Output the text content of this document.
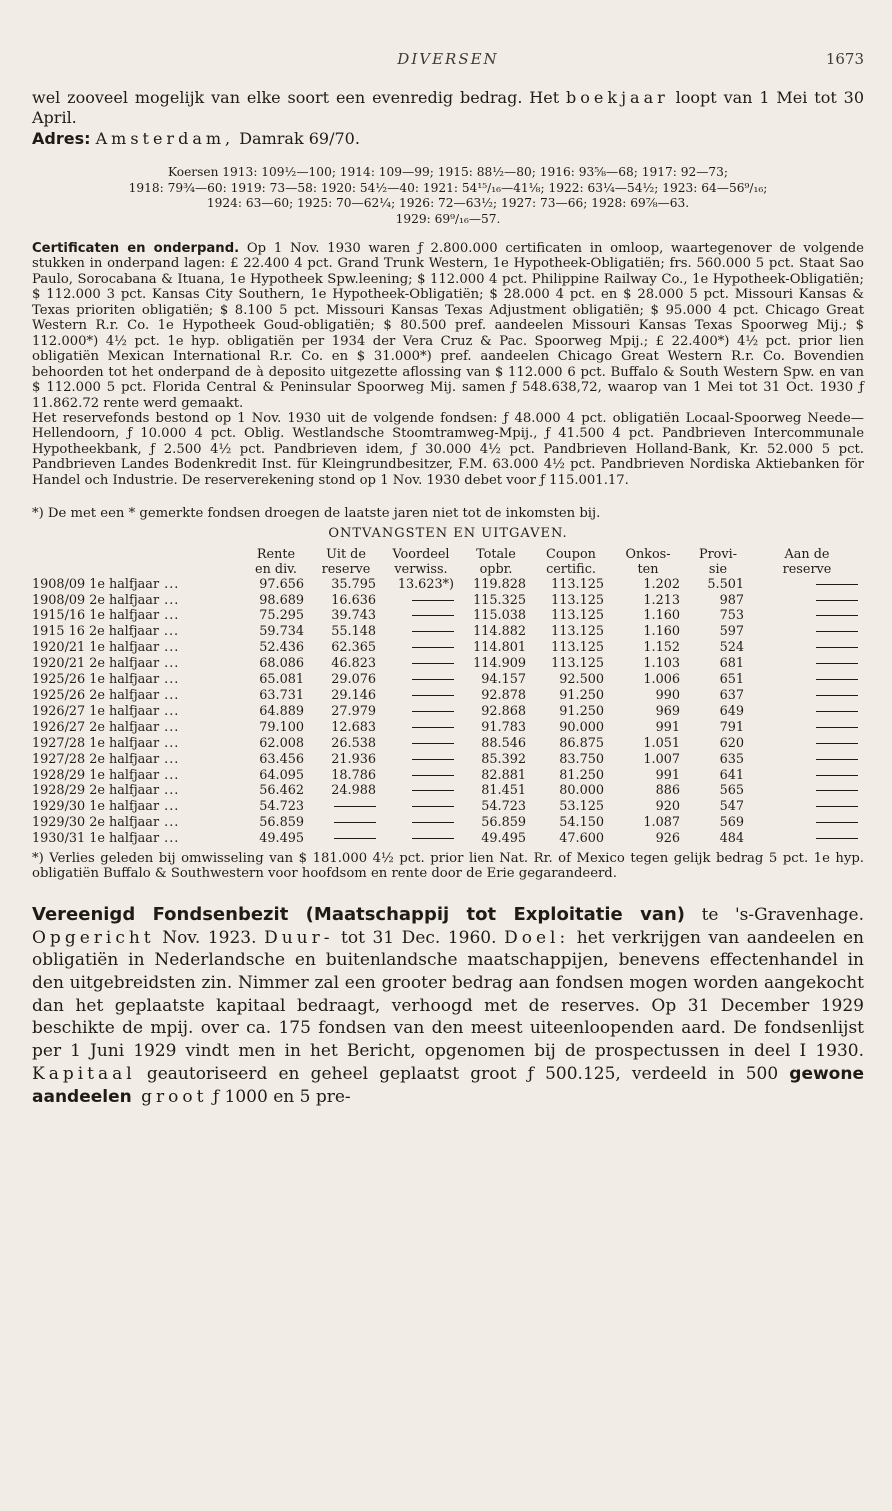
DIVERSEN	1673

wel zooveel mogelijk van elke soort een evenredig bedrag. Het boekjaar loopt van 1 Mei tot 30 April.

Adres: Amsterdam, Damrak 69/70.

Koersen 1913: 109½—100; 1914: 109—99; 1915: 88½—80; 1916: 93⅝—68; 1917: 92—73;
1918: 79¾—60: 1919: 73—58: 1920: 54½—40: 1921: 54¹⁵/₁₆—41⅛; 1922: 63¼—54½; 1923: 64—56⁹/₁₆;
1924: 63—60; 1925: 70—62¼; 1926: 72—63½; 1927: 73—66; 1928: 69⅞—63.
1929: 69⁹/₁₆—57.

Certificaten en onderpand. Op 1 Nov. 1930 waren ƒ 2.800.000 certificaten in omloop, waartegenover de volgende stukken in onderpand lagen: £ 22.400 4 pct. Grand Trunk Western, 1e Hypotheek-Obligatiën; frs. 560.000 5 pct. Staat Sao Paulo, Sorocabana & Ituana, 1e Hypotheek Spw.leening; $ 112.000 4 pct. Philippine Railway Co., 1e Hypotheek-Obligatiën; $ 112.000 3 pct. Kansas City Southern, 1e Hypotheek-Obligatiën; $ 28.000 4 pct. en $ 28.000 5 pct. Missouri Kansas & Texas prioriten obligatiën; $ 8.100 5 pct. Missouri Kansas Texas Adjustment obligatiën; $ 95.000 4 pct. Chicago Great Western R.r. Co. 1e Hypotheek Goud-obligatiën; $ 80.500 pref. aandeelen Missouri Kansas Texas Spoorweg Mij.; $ 112.000*) 4½ pct. 1e hyp. obligatiën per 1934 der Vera Cruz & Pac. Spoorweg Mpij.; £ 22.400*) 4½ pct. prior lien obligatiën Mexican International R.r. Co. en $ 31.000*) pref. aandeelen Chicago Great Western R.r. Co. Bovendien behoorden tot het onderpand de à deposito uitgezette aflossing van $ 112.000 6 pct. Buffalo & South Western Spw. en van $ 112.000 5 pct. Florida Central & Peninsular Spoorweg Mij. samen ƒ 548.638,72, waarop van 1 Mei tot 31 Oct. 1930 ƒ 11.862.72 rente werd gemaakt.

Het reservefonds bestond op 1 Nov. 1930 uit de volgende fondsen: ƒ 48.000 4 pct. obligatiën Locaal-Spoorweg Neede—Hellendoorn, ƒ 10.000 4 pct. Oblig. Westlandsche Stoomtramweg-Mpij., ƒ 41.500 4 pct. Pandbrieven Intercommunale Hypotheekbank, ƒ 2.500 4½ pct. Pandbrieven idem, ƒ 30.000 4½ pct. Pandbrieven Holland-Bank, Kr. 52.000 5 pct. Pandbrieven Landes Bodenkredit Inst. für Kleingrundbesitzer, F.M. 63.000 4½ pct. Pandbrieven Nordiska Aktiebanken för Handel och Industrie. De reserverekening stond op 1 Nov. 1930 debet voor ƒ 115.001.17.

*) De met een * gemerkte fondsen droegen de laatste jaren niet tot de inkomsten bij.

ONTVANGSTEN EN UITGAVEN.
	Rente	Uit de	Voordeel	Totale	Coupon	Onkos-	Provi-	Aan de
	en div.	reserve	verwiss.	opbr.	certific.	ten	sie	reserve
1908/09 1e halfjaar ...	97.656	35.795	13.623*)	119.828	113.125	1.202	5.501	
1908/09 2e halfjaar ...	98.689	16.636		115.325	113.125	1.213	987	
1915/16 1e halfjaar ...	75.295	39.743		115.038	113.125	1.160	753	
1915 16 2e halfjaar ...	59.734	55.148		114.882	113.125	1.160	597	
1920/21 1e halfjaar ...	52.436	62.365		114.801	113.125	1.152	524	
1920/21 2e halfjaar ...	68.086	46.823		114.909	113.125	1.103	681	
1925/26 1e halfjaar ...	65.081	29.076		94.157	92.500	1.006	651	
1925/26 2e halfjaar ...	63.731	29.146		92.878	91.250	990	637	
1926/27 1e halfjaar ...	64.889	27.979		92.868	91.250	969	649	
1926/27 2e halfjaar ...	79.100	12.683		91.783	90.000	991	791	
1927/28 1e halfjaar ...	62.008	26.538		88.546	86.875	1.051	620	
1927/28 2e halfjaar ...	63.456	21.936		85.392	83.750	1.007	635	
1928/29 1e halfjaar ...	64.095	18.786		82.881	81.250	991	641	
1928/29 2e halfjaar ...	56.462	24.988		81.451	80.000	886	565	
1929/30 1e halfjaar ...	54.723			54.723	53.125	920	547	
1929/30 2e halfjaar ...	56.859			56.859	54.150	1.087	569	
1930/31 1e halfjaar ...	49.495			49.495	47.600	926	484	

*) Verlies geleden bij omwisseling van $ 181.000 4½ pct. prior lien Nat. Rr. of Mexico tegen gelijk bedrag 5 pct. 1e hyp. obligatiën Buffalo & Southwestern voor hoofdsom en rente door de Erie gegarandeerd.

Vereenigd Fondsenbezit (Maatschappij tot Exploitatie van) te 's-Gravenhage. Opgericht Nov. 1923. Duur- tot 31 Dec. 1960. Doel: het verkrijgen van aandeelen en obligatiën in Nederlandsche en buitenlandsche maatschappijen, benevens effectenhandel in den uitgebreidsten zin. Nimmer zal een grooter bedrag aan fondsen mogen worden aangekocht dan het geplaatste kapitaal bedraagt, verhoogd met de reserves. Op 31 December 1929 beschikte de mpij. over ca. 175 fondsen van den meest uiteenloopenden aard. De fondsenlijst per 1 Juni 1929 vindt men in het Bericht, opgenomen bij de prospectussen in deel I 1930. Kapitaal geautoriseerd en geheel geplaatst groot ƒ 500.125, verdeeld in 500 gewone aandeelen groot ƒ 1000 en 5 pre-
